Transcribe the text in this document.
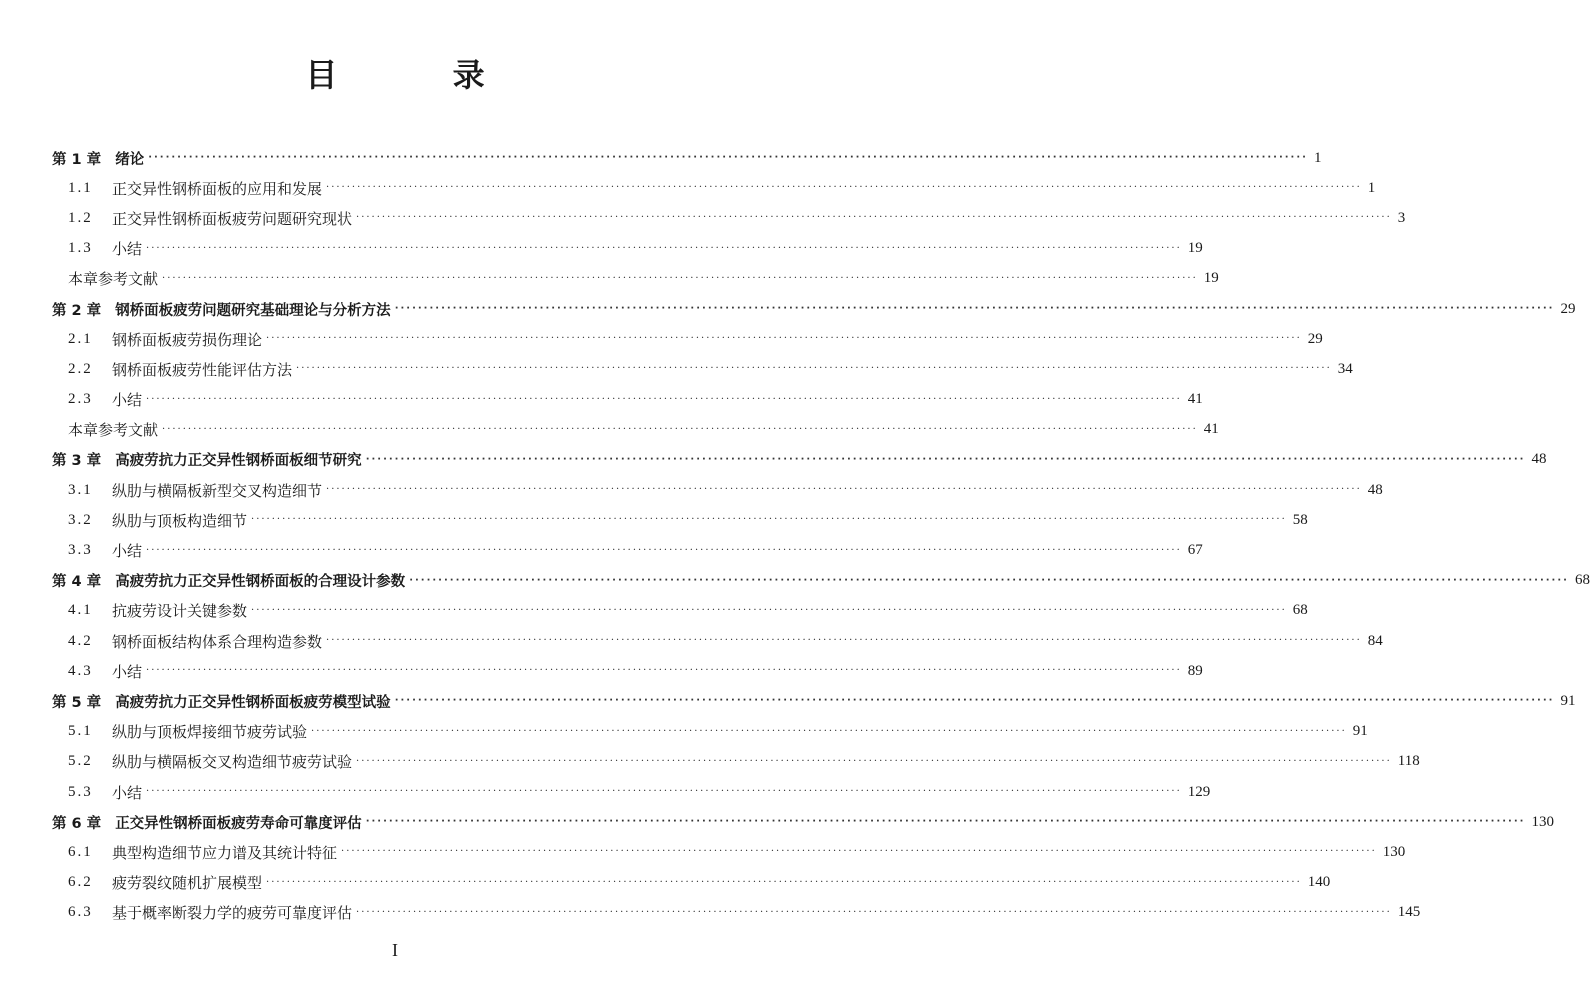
目 录
第 1 章 绪论 ········································································································································································································ 1
1.1	正交异性钢桥面板的应用和发展 ········································································································································································································ 1
1.2	正交异性钢桥面板疲劳问题研究现状 ········································································································································································································ 3
1.3	小结 ········································································································································································································ 19
本章参考文献 ········································································································································································································ 19
第 2 章 钢桥面板疲劳问题研究基础理论与分析方法 ········································································································································································································ 29
2.1	钢桥面板疲劳损伤理论 ········································································································································································································ 29
2.2	钢桥面板疲劳性能评估方法 ········································································································································································································ 34
2.3	小结 ········································································································································································································ 41
本章参考文献 ········································································································································································································ 41
第 3 章 高疲劳抗力正交异性钢桥面板细节研究 ········································································································································································································ 48
3.1	纵肋与横隔板新型交叉构造细节 ········································································································································································································ 48
3.2	纵肋与顶板构造细节 ········································································································································································································ 58
3.3	小结 ········································································································································································································ 67
第 4 章 高疲劳抗力正交异性钢桥面板的合理设计参数 ········································································································································································································ 68
4.1	抗疲劳设计关键参数 ········································································································································································································ 68
4.2	钢桥面板结构体系合理构造参数 ········································································································································································································ 84
4.3	小结 ········································································································································································································ 89
第 5 章 高疲劳抗力正交异性钢桥面板疲劳模型试验 ········································································································································································································ 91
5.1	纵肋与顶板焊接细节疲劳试验 ········································································································································································································ 91
5.2	纵肋与横隔板交叉构造细节疲劳试验 ········································································································································································································ 118
5.3	小结 ········································································································································································································ 129
第 6 章 正交异性钢桥面板疲劳寿命可靠度评估 ········································································································································································································ 130
6.1	典型构造细节应力谱及其统计特征 ········································································································································································································ 130
6.2	疲劳裂纹随机扩展模型 ········································································································································································································ 140
6.3	基于概率断裂力学的疲劳可靠度评估 ········································································································································································································ 145
I
